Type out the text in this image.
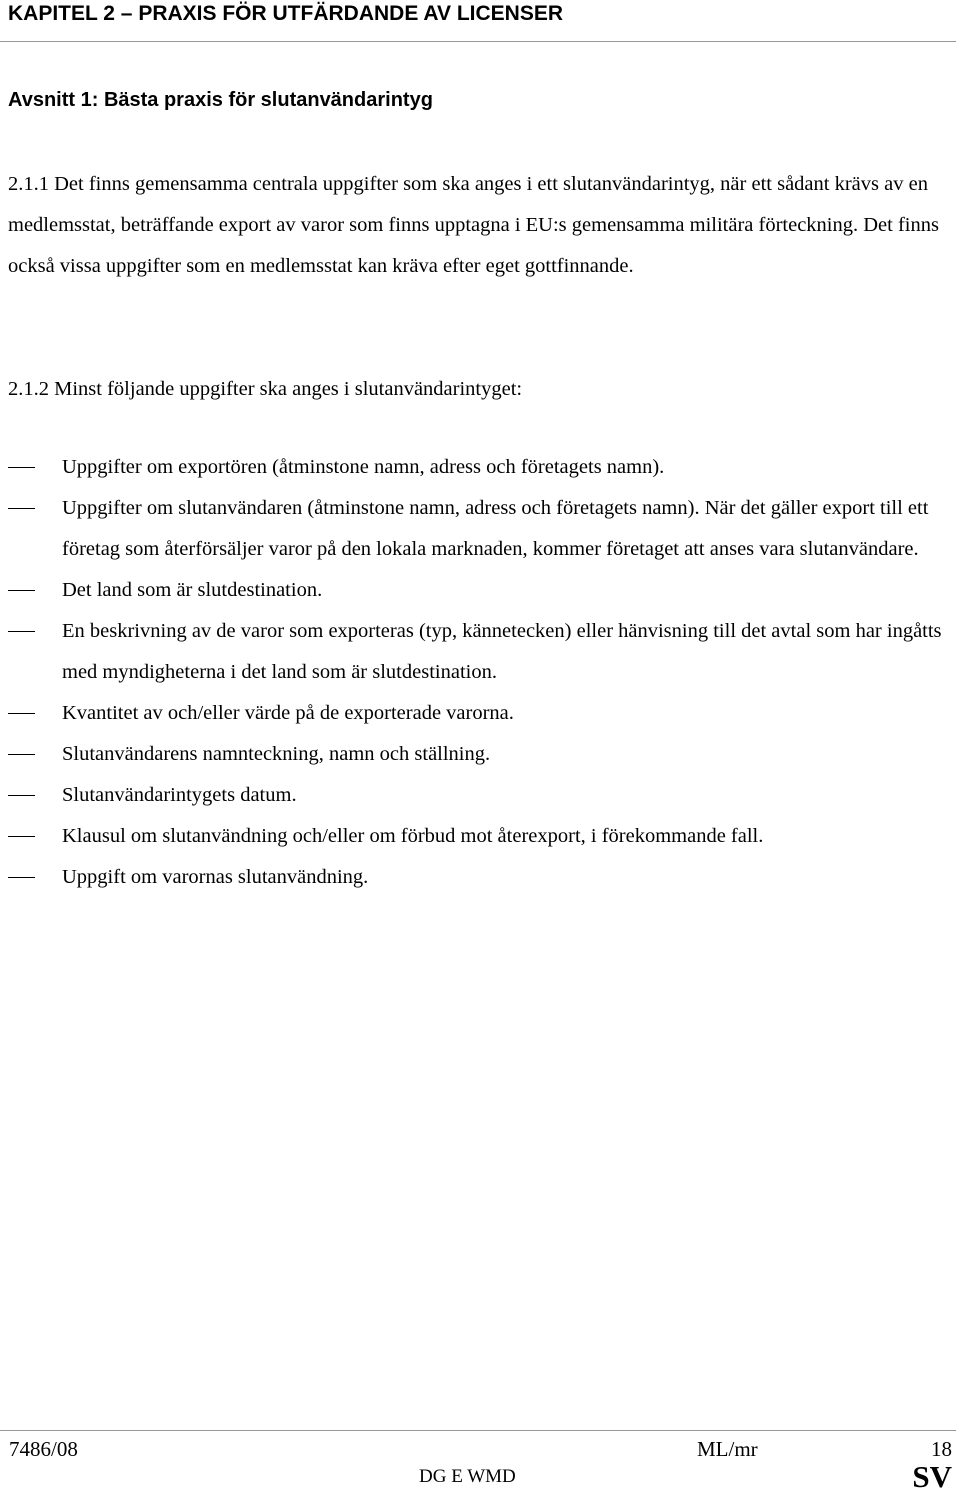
KAPITEL 2 – PRAXIS FÖR UTFÄRDANDE AV LICENSER
Avsnitt 1: Bästa praxis för slutanvändarintyg

2.1.1 Det finns gemensamma centrala uppgifter som ska anges i ett slutanvändarintyg, när ett sådant krävs av en medlemsstat, beträffande export av varor som finns upptagna i EU:s gemensamma militära förteckning. Det finns också vissa uppgifter som en medlemsstat kan kräva efter eget gottfinnande.

2.1.2 Minst följande uppgifter ska anges i slutanvändarintyget:

Uppgifter om exportören (åtminstone namn, adress och företagets namn).
Uppgifter om slutanvändaren (åtminstone namn, adress och företagets namn). När det gäller export till ett företag som återförsäljer varor på den lokala marknaden, kommer företaget att anses vara slutanvändare.
Det land som är slutdestination.
En beskrivning av de varor som exporteras (typ, kännetecken) eller hänvisning till det avtal som har ingåtts med myndigheterna i det land som är slutdestination.
Kvantitet av och/eller värde på de exporterade varorna.
Slutanvändarens namnteckning, namn och ställning.
Slutanvändarintygets datum.
Klausul om slutanvändning och/eller om förbud mot återexport, i förekommande fall.
Uppgift om varornas slutanvändning.
7486/08	ML/mr	18
DG E WMD	SV
